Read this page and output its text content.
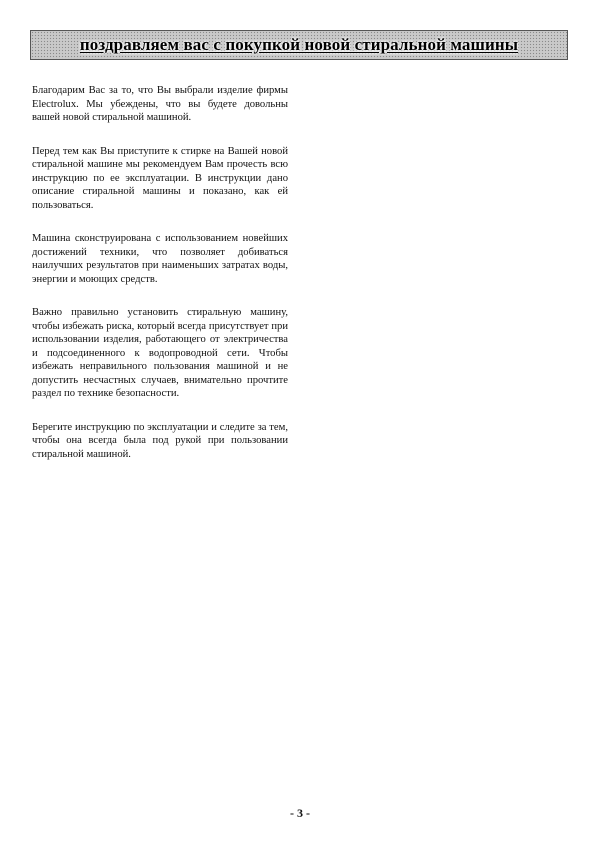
поздравляем вас с покупкой новой стиральной машины

Благодарим Вас за то, что Вы выбрали изделие фирмы Electrolux. Мы убеждены, что вы будете довольны вашей новой стиральной машиной.

Перед тем как Вы приступите к стирке на Вашей новой стиральной машине мы рекомендуем Вам прочесть всю инструкцию по ее эксплуатации. В инструкции дано описание стиральной машины и показано, как ей пользоваться.

Машина сконструирована с использованием новейших достижений техники, что позволяет добиваться наилучших результатов при наименьших затратах воды, энергии и моющих средств.

Важно правильно установить стиральную машину, чтобы избежать риска, который всегда присутствует при использовании изделия, работающего от электричества и подсоединенного к водопроводной сети. Чтобы избежать неправильного пользования машиной и не допустить несчастных случаев, внимательно прочтите раздел по технике безопасности.

Берегите инструкцию по эксплуатации и следите за тем, чтобы она всегда была под рукой при пользовании стиральной машиной.

- 3 -
